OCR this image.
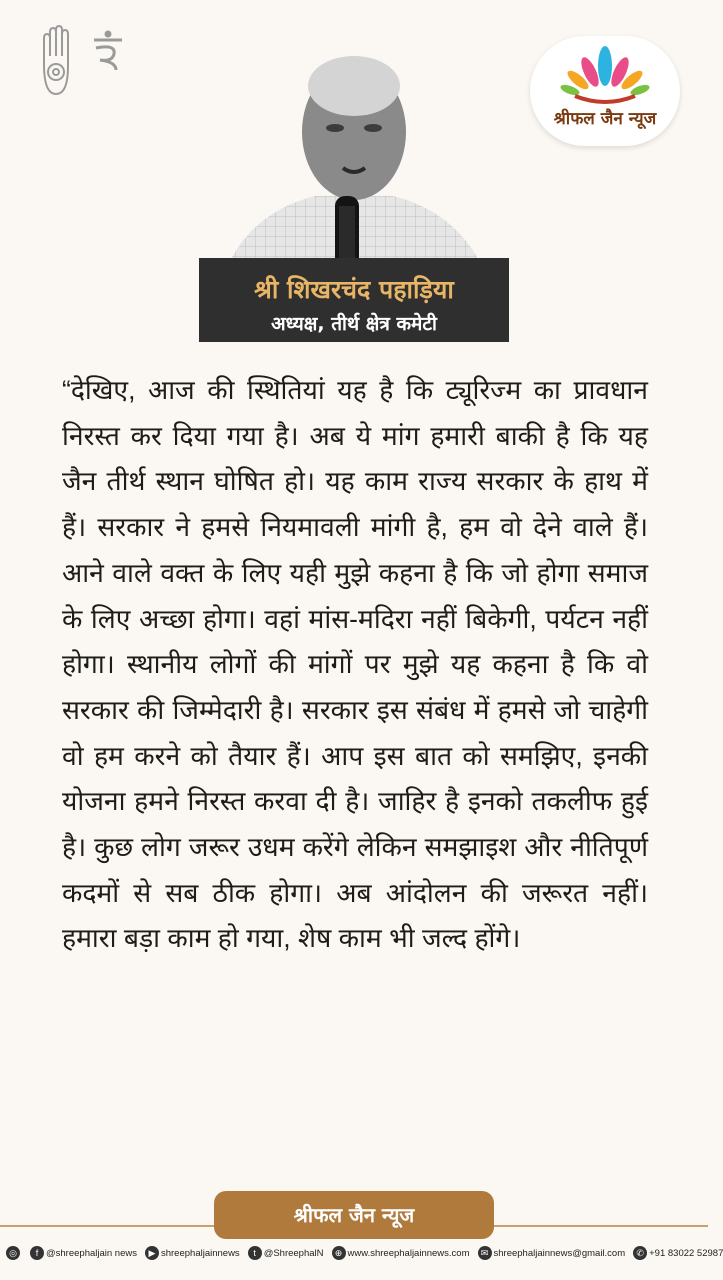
श्रीफल जैन न्यूज
श्री शिखरचंद पहाड़िया
अध्यक्ष, तीर्थ क्षेत्र कमेटी

“देखिए, आज की स्थितियां यह है कि ट्यूरिज्म का प्रावधान निरस्त कर दिया गया है। अब ये मांग हमारी बाकी है कि यह जैन तीर्थ स्थान घोषित हो। यह काम राज्य सरकार के हाथ में हैं। सरकार ने हमसे नियमावली मांगी है, हम वो देने वाले हैं। आने वाले वक्त के लिए यही मुझे कहना है कि जो होगा समाज के लिए अच्छा होगा। वहां मांस-मदिरा नहीं बिकेगी, पर्यटन नहीं होगा। स्थानीय लोगों की मांगों पर मुझे यह कहना है कि वो सरकार की जिम्मेदारी है। सरकार इस संबंध में हमसे जो चाहेगी वो हम करने को तैयार हैं। आप इस बात को समझिए, इनकी योजना हमने निरस्त करवा दी है। जाहिर है इनको तकलीफ हुई है। कुछ लोग जरूर उधम करेंगे लेकिन समझाइश और नीतिपूर्ण कदमों से सब ठीक होगा। अब आंदोलन की जरूरत नहीं। हमारा बड़ा काम हो गया, शेष काम भी जल्द होंगे।

श्रीफल जैन न्यूज
◎	f @shreephaljain news	▶ shreephaljainnews	t @ShreephalN	⊕ www.shreephaljainnews.com	✉ shreephaljainnews@gmail.com	✆ +91 83022 52987
